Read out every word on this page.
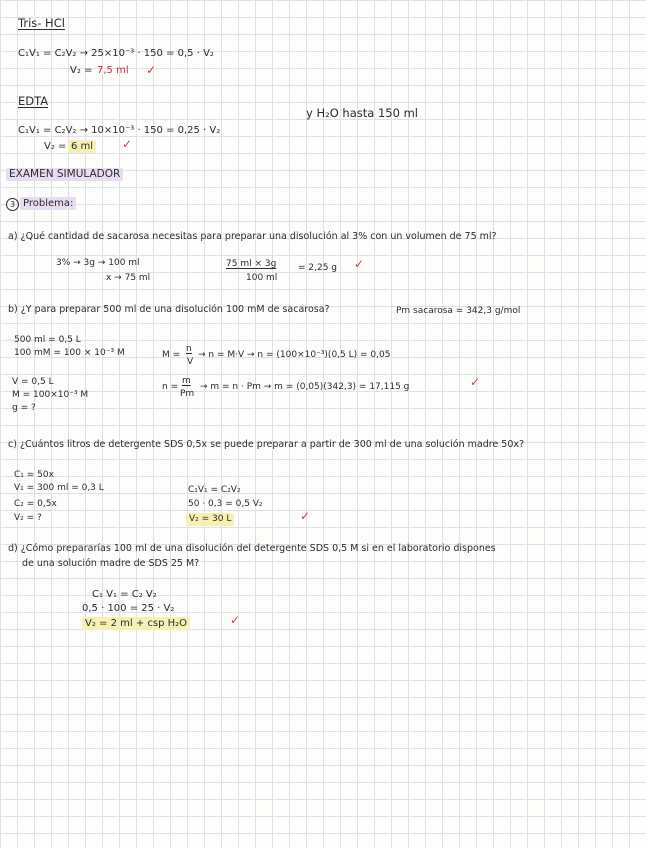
Tris- HCl
C₁V₁ = C₂V₂ → 25×10⁻³ · 150 = 0,5 · V₂
V₂ = 7,5 ml ✓
EDTA
y H₂O hasta 150 ml
C₁V₁ = C₂V₂ → 10×10⁻³ · 150 = 0,25 · V₂
V₂ = 6 ml ✓
EXAMEN SIMULADOR
3 Problema:
a) ¿Qué cantidad de sacarosa necesitas para preparar una disolución al 3% con un volumen de 75 ml?
3% → 3g → 100 ml
x → 75 ml
75 ml × 3g
100 ml
= 2,25 g ✓
b) ¿Y para preparar 500 ml de una disolución 100 mM de sacarosa?	Pm sacarosa = 342,3 g/mol
500 ml = 0,5 L
100 mM = 100 × 10⁻³ M	M =
n
V
→ n = M·V → n = (100×10⁻³)(0,5 L) = 0,05
V = 0,5 L
M = 100×10⁻³ M
g = ?
n =
m
Pm
→ m = n · Pm → m = (0,05)(342,3) = 17,115 g	✓
c) ¿Cuántos litros de detergente SDS 0,5x se puede preparar a partir de 300 ml de una solución madre 50x?
C₁ = 50x
V₁ = 300 ml = 0,3 L
C₂ = 0,5x
V₂ = ?
C₁V₁ = C₂V₂
50 · 0,3 = 0,5 V₂
V₂ = 30 L	✓
d) ¿Cómo prepararías 100 ml de una disolución del detergente SDS 0,5 M si en el laboratorio dispones
de una solución madre de SDS 25 M?
C₁ V₁ = C₂ V₂
0,5 · 100 = 25 · V₂
V₂ = 2 ml + csp H₂O	✓
